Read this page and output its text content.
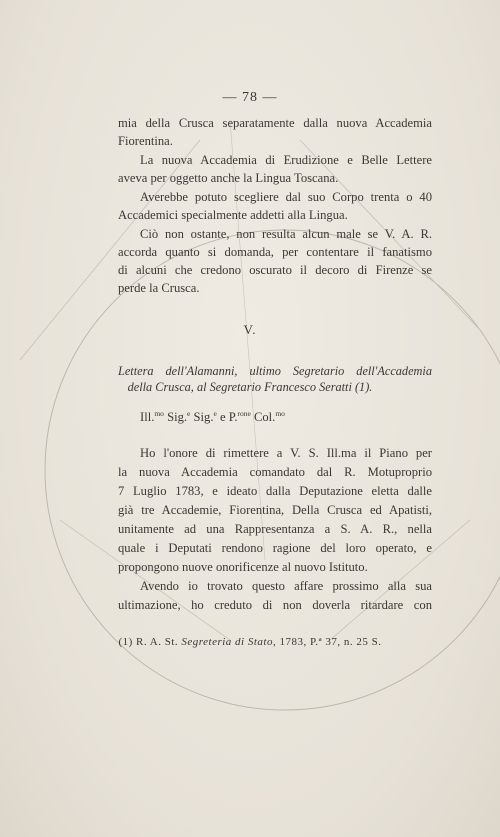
— 78 —
mia della Crusca separatamente dalla nuova Accademia
Fiorentina.
La nuova Accademia di Erudizione e Belle Lettere
aveva per oggetto anche la Lingua Toscana.
Averebbe potuto scegliere dal suo Corpo trenta o 40
Accademici specialmente addetti alla Lingua.
Ciò non ostante, non resulta alcun male se V. A. R.
accorda quanto si domanda, per contentare il fanatismo
di alcuni che credono oscurato il decoro di Firenze se
perde la Crusca.
V.
Lettera dell'Alamanni, ultimo Segretario dell'Accademia
della Crusca, al Segretario Francesco Seratti (1).
Ill.$^{mo}$ Sig.$^e$ Sig.$^e$ e P.$^{rone}$ Col.$^{mo}$
Ho l'onore di rimettere a V. S. Ill.ma il Piano per
la nuova Accademia comandato dal R. Motuproprio
7 Luglio 1783, e ideato dalla Deputazione eletta dalle
già tre Accademie, Fiorentina, Della Crusca ed Apatisti,
unitamente ad una Rappresentanza a S. A. R., nella
quale i Deputati rendono ragione del loro operato, e
propongono nuove onorificenze al nuovo Istituto.
Avendo io trovato questo affare prossimo alla sua
ultimazione, ho creduto di non doverla ritardare con
(1) R. A. St. Segreteria di Stato, 1783, P.ª 37, n. 25 S.
